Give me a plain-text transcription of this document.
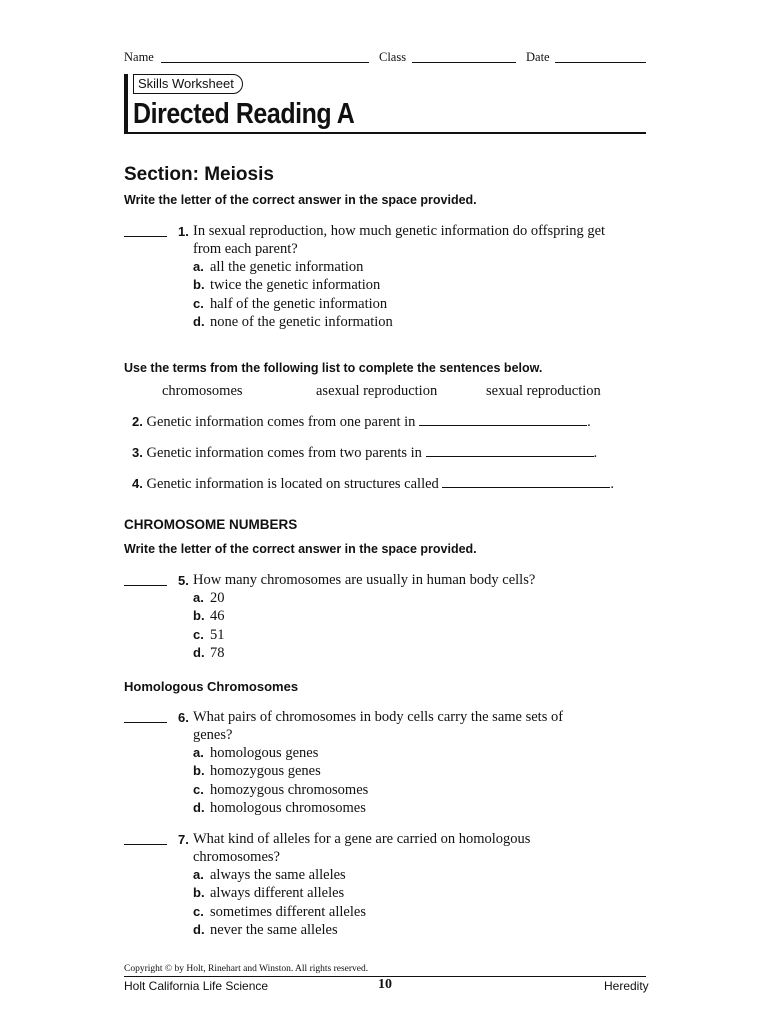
Name	Class	Date
Skills Worksheet
Directed Reading A
Section: Meiosis
Write the letter of the correct answer in the space provided.
1. In sexual reproduction, how much genetic information do offspring get
from each parent?
a. all the genetic information
b. twice the genetic information
c. half of the genetic information
d. none of the genetic information
Use the terms from the following list to complete the sentences below.
chromosomes	asexual reproduction	sexual reproduction
2. Genetic information comes from one parent in	.
3. Genetic information comes from two parents in	.
4. Genetic information is located on structures called	.
CHROMOSOME NUMBERS
Write the letter of the correct answer in the space provided.
5. How many chromosomes are usually in human body cells?
a. 20
b. 46
c. 51
d. 78
Homologous Chromosomes
6. What pairs of chromosomes in body cells carry the same sets of
genes?
a. homologous genes
b. homozygous genes
c. homozygous chromosomes
d. homologous chromosomes
7. What kind of alleles for a gene are carried on homologous
chromosomes?
a. always the same alleles
b. always different alleles
c. sometimes different alleles
d. never the same alleles
Copyright © by Holt, Rinehart and Winston. All rights reserved.
Holt California Life Science	10	Heredity
